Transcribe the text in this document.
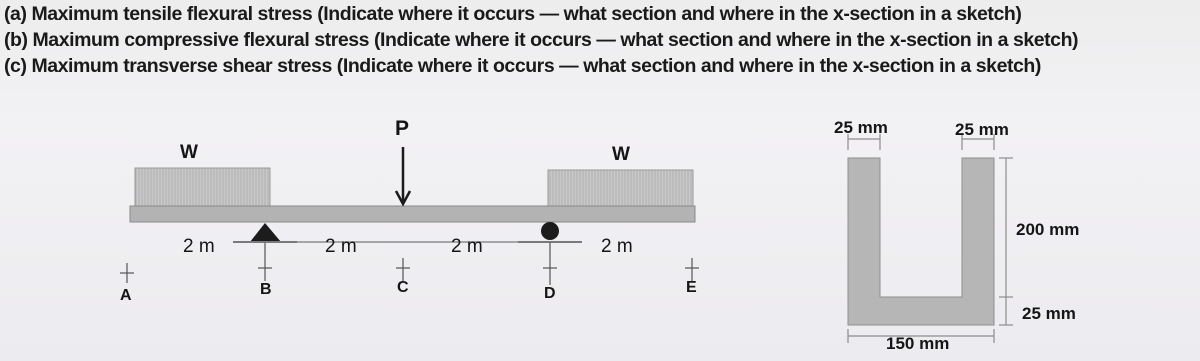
(a) Maximum tensile flexural stress (Indicate where it occurs — what section and where in the x-section in a sketch)
(b) Maximum compressive flexural stress (Indicate where it occurs — what section and where in the x-section in a sketch)
(c) Maximum transverse shear stress (Indicate where it occurs — what section and where in the x-section in a sketch)
W
P
W
2 m	2 m	2 m	2 m
A	B	C	D	E
25 mm	25 mm
200 mm
25 mm
150 mm
